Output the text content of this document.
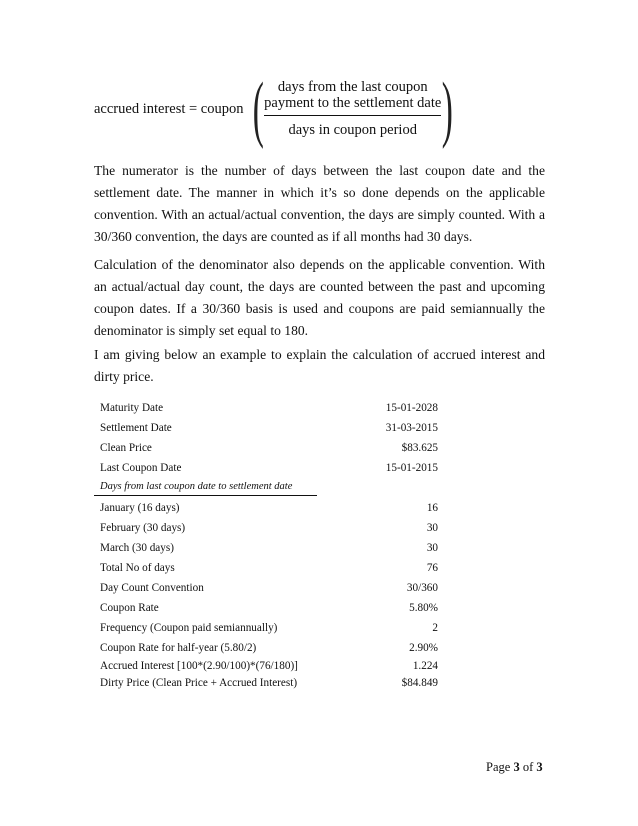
accrued interest = coupon ( days from the last coupon
payment to the settlement date
days in coupon period )

The numerator is the number of days between the last coupon date and the settlement date. The manner in which it’s so done depends on the applicable convention. With an actual/actual convention, the days are simply counted. With a 30/360 convention, the days are counted as if all months had 30 days.

Calculation of the denominator also depends on the applicable convention. With an actual/actual day count, the days are counted between the past and upcoming coupon dates. If a 30/360 basis is used and coupons are paid semiannually the denominator is simply set equal to 180.

I am giving below an example to explain the calculation of accrued interest and dirty price.

Maturity Date	15-01-2028
Settlement Date	31-03-2015
Clean Price	$83.625
Last Coupon Date	15-01-2015
Days from last coupon date to settlement date
January (16 days)	16
February (30 days)	30
March (30 days)	30
Total No of days	76
Day Count Convention	30/360
Coupon Rate	5.80%
Frequency (Coupon paid semiannually)	2
Coupon Rate for half-year (5.80/2)	2.90%
Accrued Interest [100*(2.90/100)*(76/180)]	1.224
Dirty Price (Clean Price + Accrued Interest)	$84.849
Page 3 of 3
